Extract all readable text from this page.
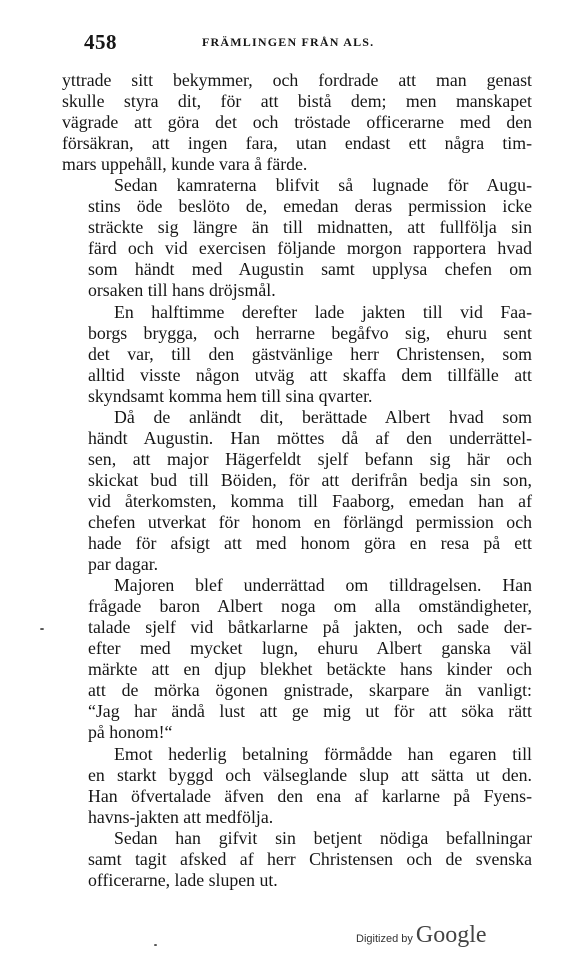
458	FRÄMLINGEN FRÅN ALS.
yttrade sitt bekymmer, och fordrade att man genast
skulle styra dit, för att bistå dem; men manskapet
vägrade att göra det och tröstade officerarne med den
försäkran, att ingen fara, utan endast ett några tim-
mars uppehåll, kunde vara å färde.
Sedan kamraterna blifvit så lugnade för Augu-
stins öde beslöto de, emedan deras permission icke
sträckte sig längre än till midnatten, att fullfölja sin
färd och vid exercisen följande morgon rapportera hvad
som händt med Augustin samt upplysa chefen om
orsaken till hans dröjsmål.
En halftimme derefter lade jakten till vid Faa-
borgs brygga, och herrarne begåfvo sig, ehuru sent
det var, till den gästvänlige herr Christensen, som
alltid visste någon utväg att skaffa dem tillfälle att
skyndsamt komma hem till sina qvarter.
Då de anländt dit, berättade Albert hvad som
händt Augustin. Han möttes då af den underrättel-
sen, att major Hägerfeldt sjelf befann sig här och
skickat bud till Böiden, för att derifrån bedja sin son,
vid återkomsten, komma till Faaborg, emedan han af
chefen utverkat för honom en förlängd permission och
hade för afsigt att med honom göra en resa på ett
par dagar.
Majoren blef underrättad om tilldragelsen. Han
frågade baron Albert noga om alla omständigheter,
talade sjelf vid båtkarlarne på jakten, och sade der-
efter med mycket lugn, ehuru Albert ganska väl
märkte att en djup blekhet betäckte hans kinder och
att de mörka ögonen gnistrade, skarpare än vanligt:
“Jag har ändå lust att ge mig ut för att söka rätt
på honom!“
Emot hederlig betalning förmådde han egaren till
en starkt byggd och välseglande slup att sätta ut den.
Han öfvertalade äfven den ena af karlarne på Fyens-
havns-jakten att medfölja.
Sedan han gifvit sin betjent nödiga befallningar
samt tagit afsked af herr Christensen och de svenska
officerarne, lade slupen ut.
Digitized by Google
